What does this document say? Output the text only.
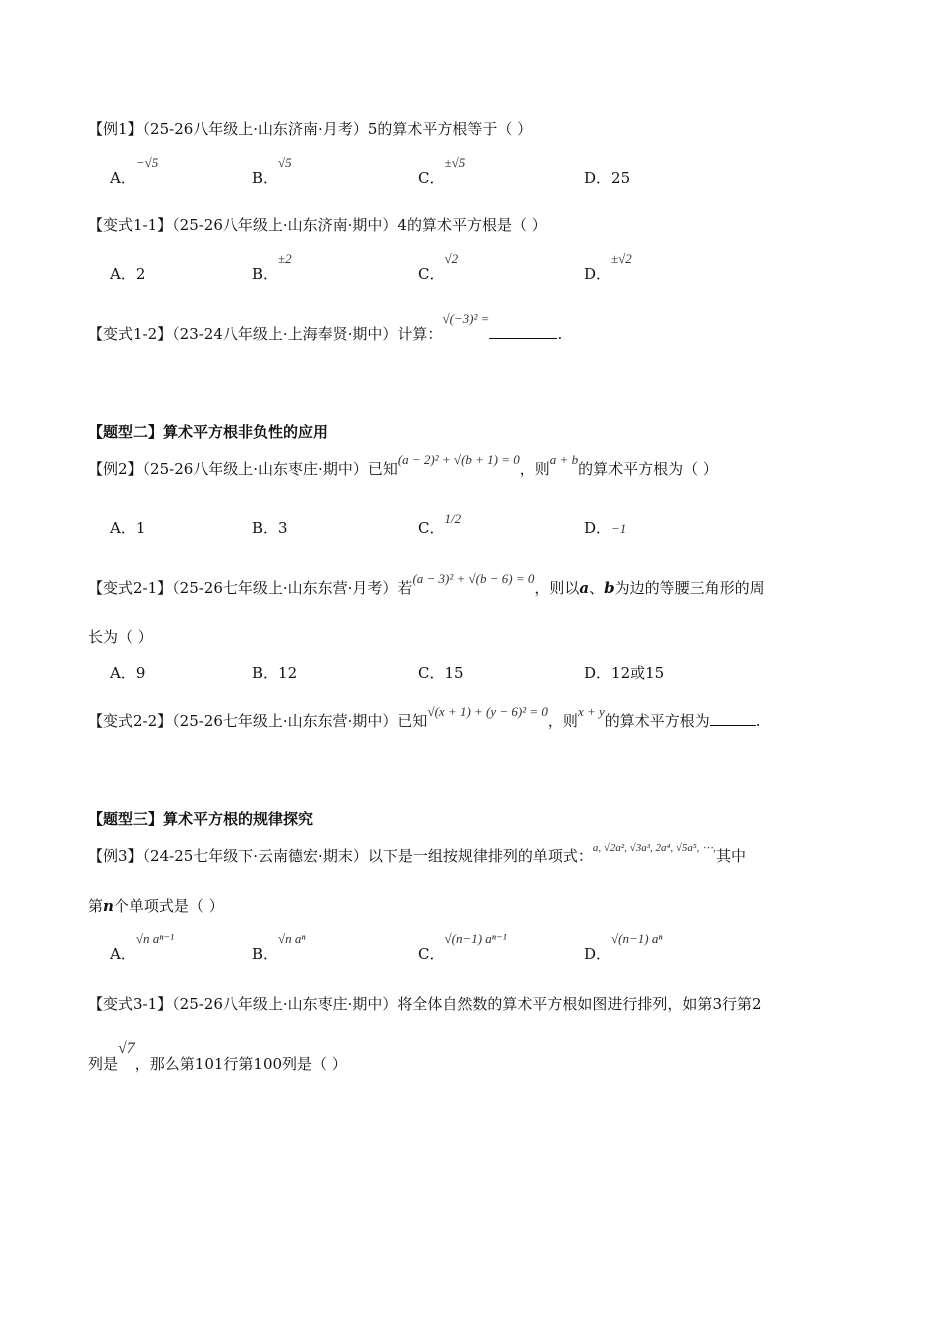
【例1】（25-26八年级上·山东济南·月考）5的算术平方根等于（ ）
A．−√5
B．√5
C．±√5
D．25
【变式1-1】（25-26八年级上·山东济南·期中）4的算术平方根是（ ）
A．2	B．±2
C．√2
D．±√2
【变式1-2】（23-24八年级上·上海奉贤·期中）计算：√(−3)² =.
【题型二】算术平方根非负性的应用
【例2】（25-26八年级上·山东枣庄·期中）已知(a − 2)² + √(b + 1) = 0，则a + b的算术平方根为（ ）
A．1	B．3	C．1/2
D．−1
【变式2-1】（25-26七年级上·山东东营·月考）若(a − 3)² + √(b − 6) = 0，则以a、b为边的等腰三角形的周
长为（ ）
A．9	B．12	C．15	D．12或15
【变式2-2】（25-26七年级上·山东东营·期中）已知√(x + 1) + (y − 6)² = 0，则x + y的算术平方根为	.
【题型三】算术平方根的规律探究
【例3】（24-25七年级下·云南德宏·期末）以下是一组按规律排列的单项式：a, √2a², √3a³, 2a⁴, √5a⁵, ⋯,其中
第n个单项式是（ ）
A．√n aⁿ⁻¹
B．√n aⁿ
C．√(n−1) aⁿ⁻¹
D．√(n−1) aⁿ
【变式3-1】（25-26八年级上·山东枣庄·期中）将全体自然数的算术平方根如图进行排列，如第3行第2
列是√7，那么第101行第100列是（ ）
